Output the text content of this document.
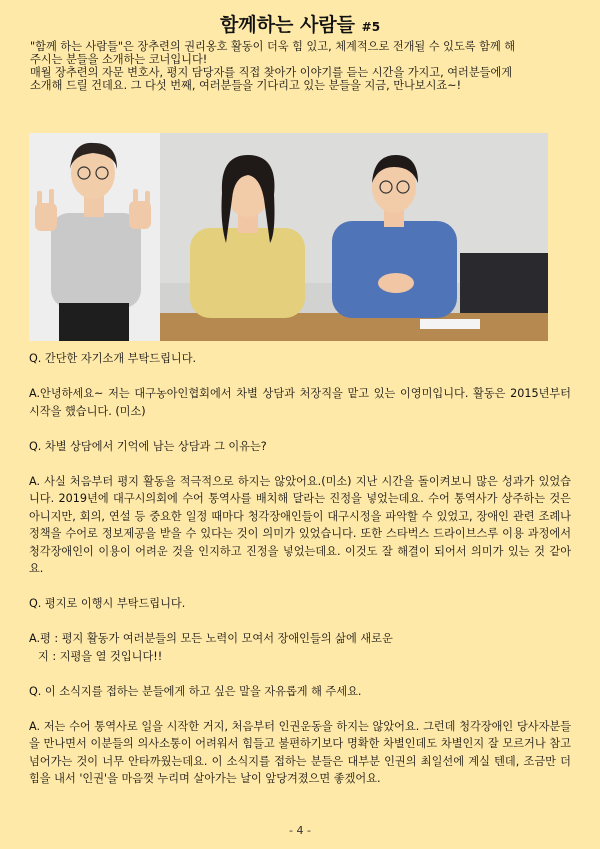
함께하는 사람들 #5
"함께 하는 사람들"은 장추련의 권리옹호 활동이 더욱 힘 있고, 체계적으로 전개될 수 있도록 함께 해
주시는 분들을 소개하는 코너입니다!
매월 장추련의 자문 변호사, 평지 담당자를 직접 찾아가 이야기를 듣는 시간을 가지고, 여러분들에게
소개해 드릴 건데요. 그 다섯 번째, 여러분들을 기다리고 있는 분들을 지금, 만나보시죠~!

Q. 간단한 자기소개 부탁드립니다.

A.안녕하세요~ 저는 대구농아인협회에서 차별 상담과 처장직을 맡고 있는 이영미입니다. 활동은 2015년부터 시작을 했습니다. (미소)

Q. 차별 상담에서 기억에 남는 상담과 그 이유는?

A. 사실 처음부터 평지 활동을 적극적으로 하지는 않았어요.(미소) 지난 시간을 돌이켜보니 많은 성과가 있었습니다. 2019년에 대구시의회에 수어 통역사를 배치해 달라는 진정을 넣었는데요. 수어 통역사가 상주하는 것은 아니지만, 회의, 연설 등 중요한 일정 때마다 청각장애인들이 대구시정을 파악할 수 있었고, 장애인 관련 조례나 정책을 수어로 정보제공을 받을 수 있다는 것이 의미가 있었습니다. 또한 스타벅스 드라이브스루 이용 과정에서 청각장애인이 이용이 어려운 것을 인지하고 진정을 넣었는데요. 이것도 잘 해결이 되어서 의미가 있는 것 같아요.

Q. 평지로 이행시 부탁드립니다.

A.평 : 평지 활동가 여러분들의 모든 노력이 모여서 장애인들의 삶에 새로운

지 : 지평을 열 것입니다!!

Q. 이 소식지를 접하는 분들에게 하고 싶은 말을 자유롭게 해 주세요.

A. 저는 수어 통역사로 일을 시작한 거지, 처음부터 인권운동을 하지는 않았어요. 그런데 청각장애인 당사자분들을 만나면서 이분들의 의사소통이 어려워서 힘들고 불편하기보다 명확한 차별인데도 차별인지 잘 모르거나 참고 넘어가는 것이 너무 안타까웠는데요. 이 소식지를 접하는 분들은 대부분 인권의 최일선에 계실 텐데, 조금만 더 힘을 내서 '인권'을 마음껏 누리며 살아가는 날이 앞당겨졌으면 좋겠어요.

- 4 -
